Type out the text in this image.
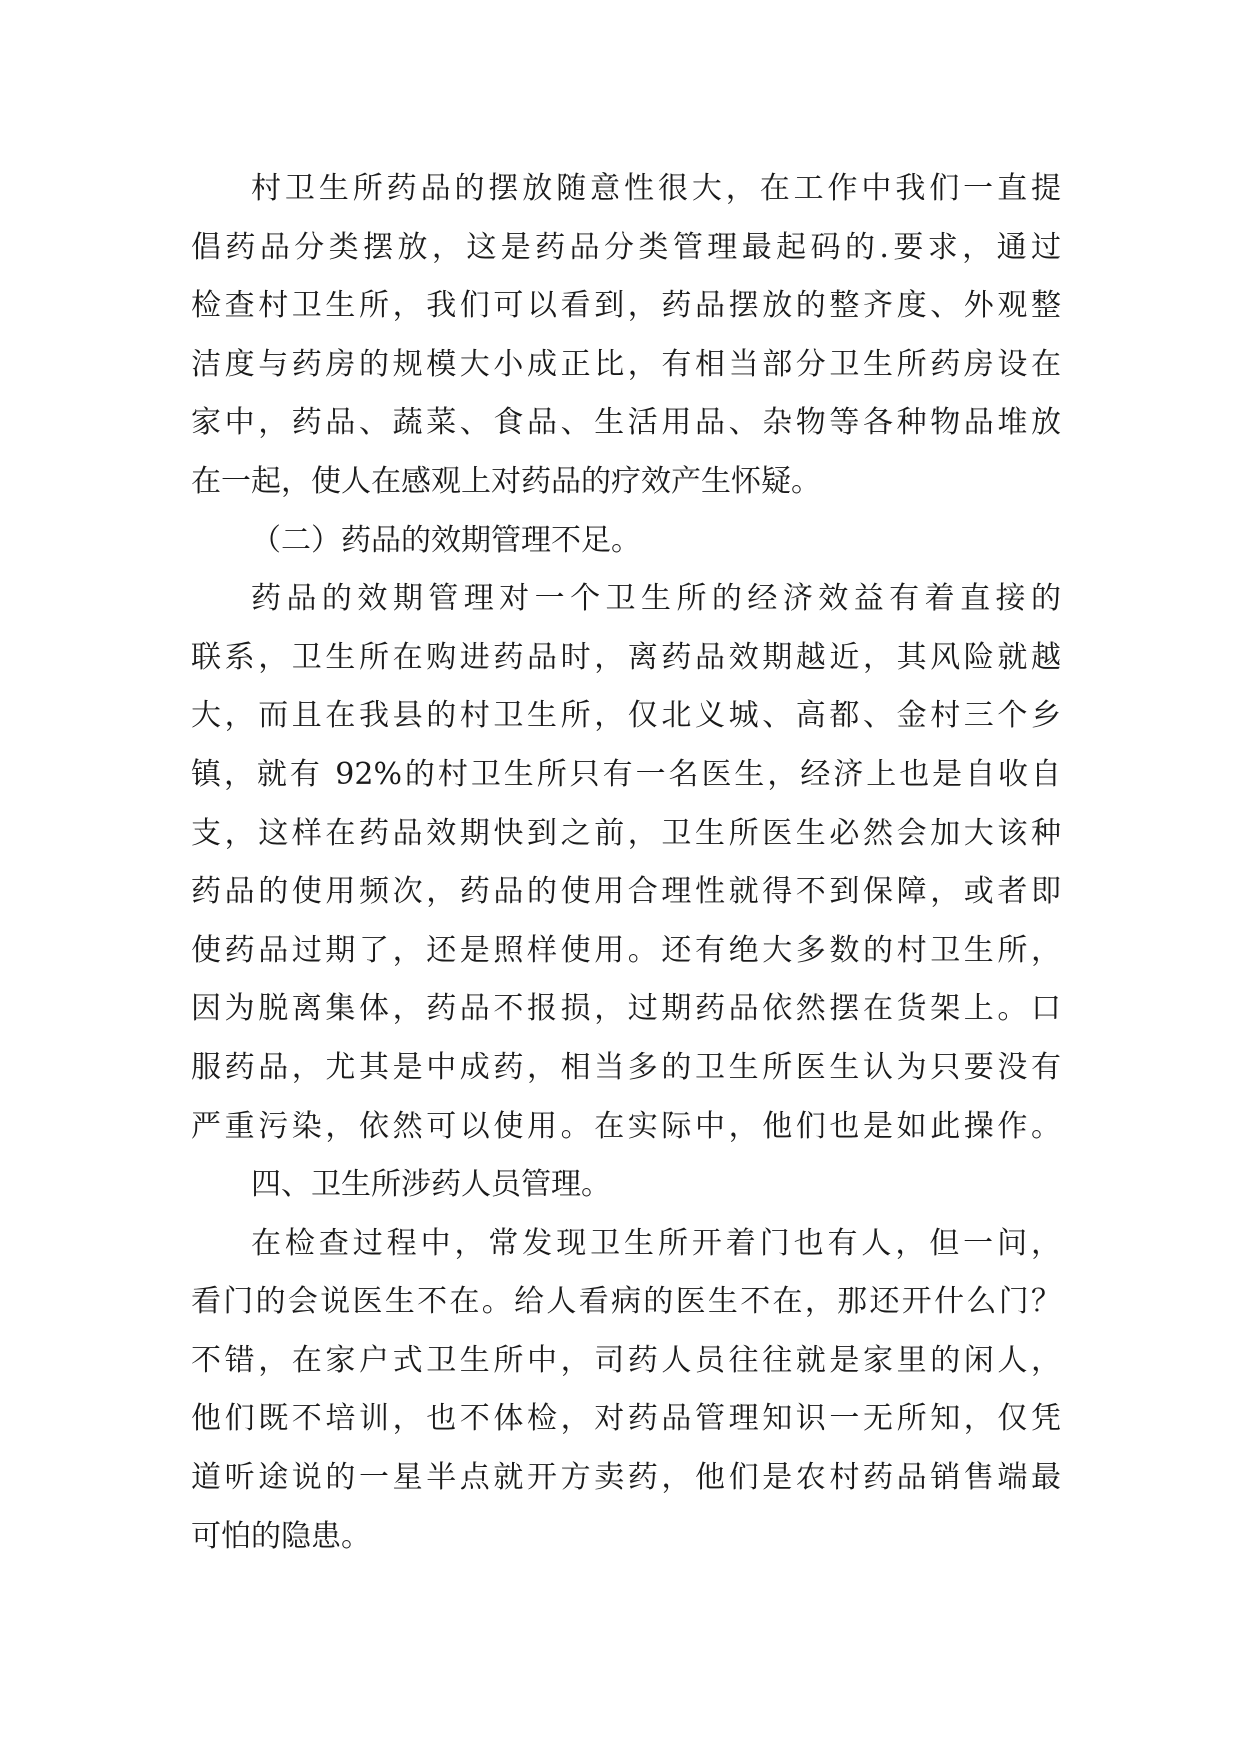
村卫生所药品的摆放随意性很大，在工作中我们一直提
倡药品分类摆放，这是药品分类管理最起码的.要求，通过
检查村卫生所，我们可以看到，药品摆放的整齐度、外观整
洁度与药房的规模大小成正比，有相当部分卫生所药房设在
家中，药品、蔬菜、食品、生活用品、杂物等各种物品堆放
在一起，使人在感观上对药品的疗效产生怀疑。
（二）药品的效期管理不足。
药品的效期管理对一个卫生所的经济效益有着直接的
联系，卫生所在购进药品时，离药品效期越近，其风险就越
大，而且在我县的村卫生所，仅北义城、高都、金村三个乡
镇，就有 92%的村卫生所只有一名医生，经济上也是自收自
支，这样在药品效期快到之前，卫生所医生必然会加大该种
药品的使用频次，药品的使用合理性就得不到保障，或者即
使药品过期了，还是照样使用。还有绝大多数的村卫生所，
因为脱离集体，药品不报损，过期药品依然摆在货架上。口
服药品，尤其是中成药，相当多的卫生所医生认为只要没有
严重污染，依然可以使用。在实际中，他们也是如此操作。
四、卫生所涉药人员管理。
在检查过程中，常发现卫生所开着门也有人，但一问，
看门的会说医生不在。给人看病的医生不在，那还开什么门？
不错，在家户式卫生所中，司药人员往往就是家里的闲人，
他们既不培训，也不体检，对药品管理知识一无所知，仅凭
道听途说的一星半点就开方卖药，他们是农村药品销售端最
可怕的隐患。
